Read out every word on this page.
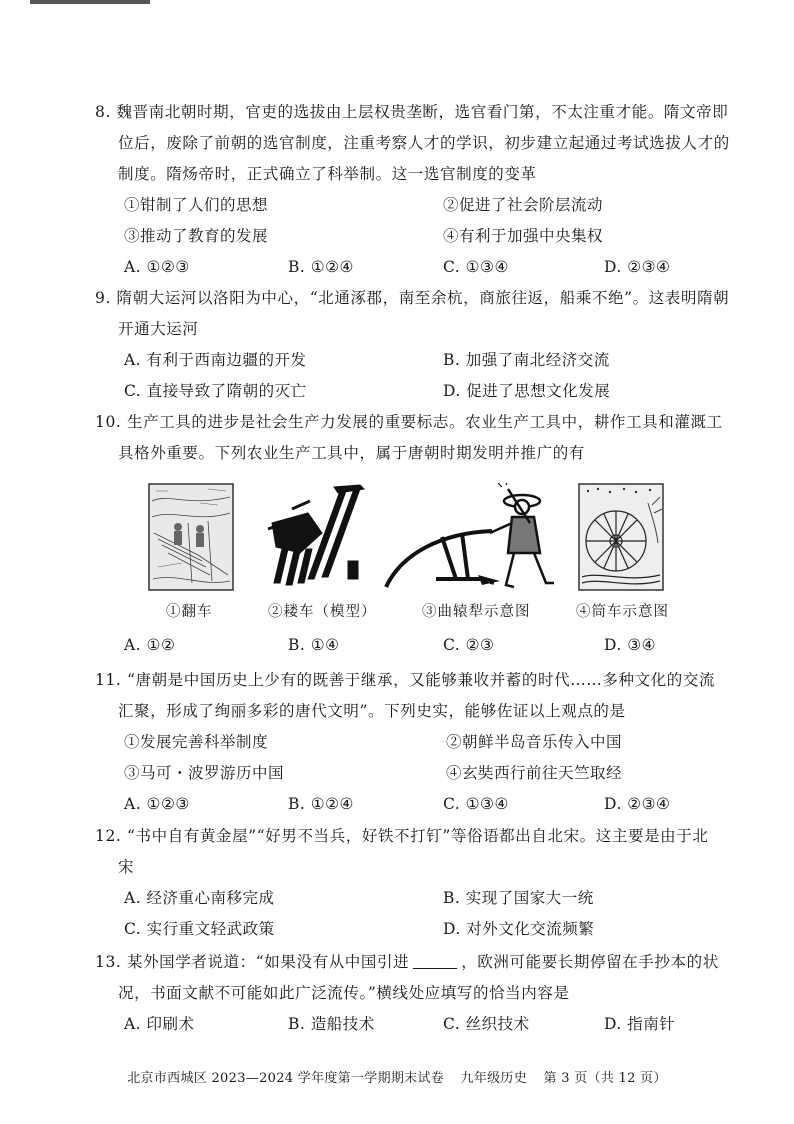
8. 魏晋南北朝时期，官吏的选拔由上层权贵垄断，选官看门第，不太注重才能。隋文帝即
位后，废除了前朝的选官制度，注重考察人才的学识，初步建立起通过考试选拔人才的
制度。隋炀帝时，正式确立了科举制。这一选官制度的变革
①钳制了人们的思想	②促进了社会阶层流动
③推动了教育的发展	④有利于加强中央集权
A. ①②③	B. ①②④	C. ①③④	D. ②③④
9. 隋朝大运河以洛阳为中心，“北通涿郡，南至余杭，商旅往返，船乘不绝”。这表明隋朝
开通大运河
A. 有利于西南边疆的开发	B. 加强了南北经济交流
C. 直接导致了隋朝的灭亡	D. 促进了思想文化发展
10. 生产工具的进步是社会生产力发展的重要标志。农业生产工具中，耕作工具和灌溉工
具格外重要。下列农业生产工具中，属于唐朝时期发明并推广的有
①翻车	②耧车（模型）	③曲辕犁示意图	④筒车示意图
A. ①②	B. ①④	C. ②③	D. ③④
11. “唐朝是中国历史上少有的既善于继承，又能够兼收并蓄的时代……多种文化的交流
汇聚，形成了绚丽多彩的唐代文明”。下列史实，能够佐证以上观点的是
①发展完善科举制度	②朝鲜半岛音乐传入中国
③马可・波罗游历中国	④玄奘西行前往天竺取经
A. ①②③	B. ①②④	C. ①③④	D. ②③④
12. “书中自有黄金屋”“好男不当兵，好铁不打钉”等俗语都出自北宋。这主要是由于北
宋
A. 经济重心南移完成	B. 实现了国家大一统
C. 实行重文轻武政策	D. 对外文化交流频繁
13. 某外国学者说道：“如果没有从中国引进	，欧洲可能要长期停留在手抄本的状
况，书面文献不可能如此广泛流传。”横线处应填写的恰当内容是
A. 印刷术	B. 造船技术	C. 丝织技术	D. 指南针
北京市西城区 2023—2024 学年度第一学期期末试卷 九年级历史 第 3 页（共 12 页）
